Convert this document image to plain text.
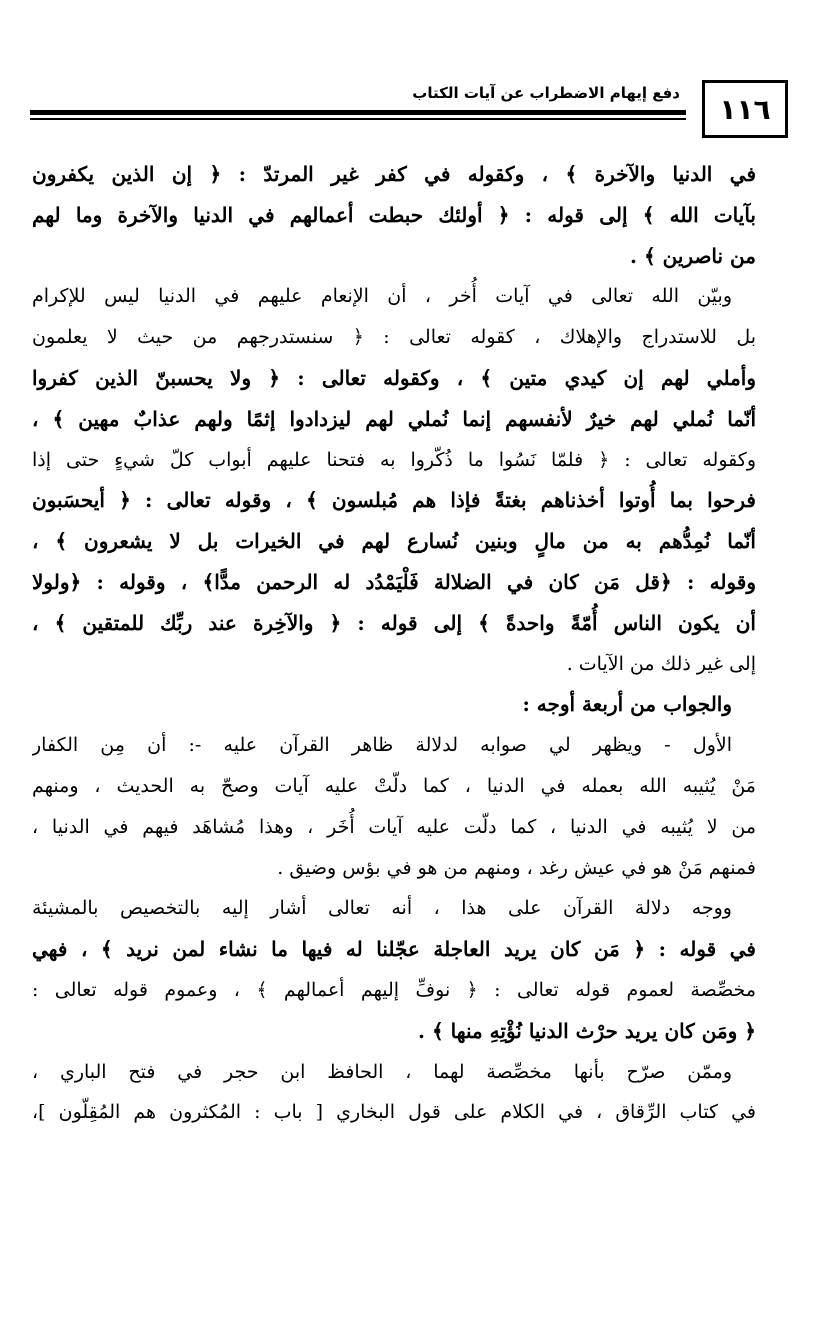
دفع إيهام الاضطراب عن آيات الكتاب	١١٦
في الدنيا والآخرة ﴾ ، وكقوله في كفر غير المرتدّ : ﴿ إن الذين يكفرون
بآيات الله ﴾ إلى قوله : ﴿ أولئك حبطت أعمالهم في الدنيا والآخرة وما لهم
من ناصرين ﴾ .
وبيّن الله تعالى في آيات أُخر ، أن الإنعام عليهم في الدنيا ليس للإكرام
بل للاستدراج والإهلاك ، كقوله تعالى : ﴿ سنستدرجهم من حيث لا يعلمون
وأملي لهم إن كيدي متين ﴾ ، وكقوله تعالى : ﴿ ولا يحسبنّ الذين كفروا
أنّما نُملي لهم خيرٌ لأنفسهم إنما نُملي لهم ليزدادوا إثمًا ولهم عذابٌ مهين ﴾ ،
وكقوله تعالى : ﴿ فلمّا نَسُوا ما ذُكّروا به فتحنا عليهم أبواب كلّ شيءٍ حتى إذا
فرحوا بما أُوتوا أخذناهم بغتةً فإذا هم مُبلسون ﴾ ، وقوله تعالى : ﴿ أيحسَبون
أنّما نُمِدُّهم به من مالٍ وبنين نُسارع لهم في الخيرات بل لا يشعرون ﴾ ،
وقوله : ﴿قل مَن كان في الضلالة فَلْيَمْدُد له الرحمن مدًّا﴾ ، وقوله : ﴿ولولا
أن يكون الناس أُمّةً واحدةً ﴾ إلى قوله : ﴿ والآخِرة عند ربِّك للمتقين ﴾ ،
إلى غير ذلك من الآيات .
والجواب من أربعة أوجه :
الأول - ويظهر لي صوابه لدلالة ظاهر القرآن عليه -: أن مِن الكفار
مَنْ يُثيبه الله بعمله في الدنيا ، كما دلّتْ عليه آيات وصحّ به الحديث ، ومنهم
من لا يُثيبه في الدنيا ، كما دلّت عليه آيات أُخَر ، وهذا مُشاهَد فيهم في الدنيا ،
فمنهم مَنْ هو في عيش رغد ، ومنهم من هو في بؤس وضيق .
ووجه دلالة القرآن على هذا ، أنه تعالى أشار إليه بالتخصيص بالمشيئة
في قوله : ﴿ مَن كان يريد العاجلة عجّلنا له فيها ما نشاء لمن نريد ﴾ ، فهي
مخصِّصة لعموم قوله تعالى : ﴿ نوفِّ إليهم أعمالهم ﴾ ، وعموم قوله تعالى :
﴿ ومَن كان يريد حرْث الدنيا نُؤْتِهِ منها ﴾ .
وممّن صرّح بأنها مخصِّصة لهما ، الحافظ ابن حجر في فتح الباري ،
في كتاب الرِّقاق ، في الكلام على قول البخاري [ باب : المُكثرون هم المُقِلّون ]،
